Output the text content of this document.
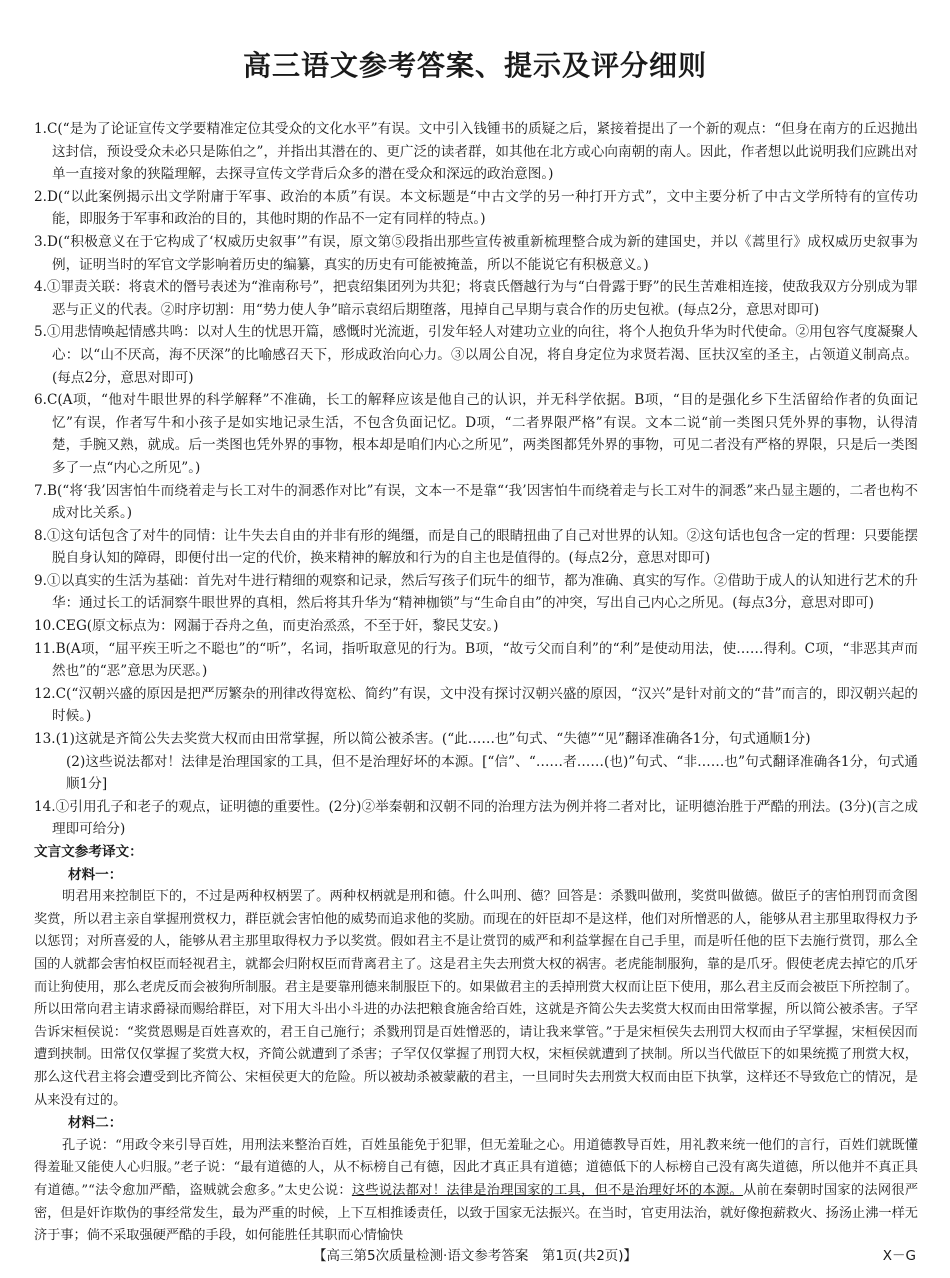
高三语文参考答案、提示及评分细则

1.C(“是为了论证宣传文学要精准定位其受众的文化水平”有误。文中引入钱锺书的质疑之后，紧接着提出了一个新的观点：“但身在南方的丘迟抛出这封信，预设受众未必只是陈伯之”，并指出其潜在的、更广泛的读者群，如其他在北方或心向南朝的南人。因此，作者想以此说明我们应跳出对单一直接对象的狭隘理解，去探寻宣传文学背后众多的潜在受众和深远的政治意图。)

2.D(“以此案例揭示出文学附庸于军事、政治的本质”有误。本文标题是“中古文学的另一种打开方式”，文中主要分析了中古文学所特有的宣传功能，即服务于军事和政治的目的，其他时期的作品不一定有同样的特点。)

3.D(“积极意义在于它构成了‘权威历史叙事’”有误，原文第⑤段指出那些宣传被重新梳理整合成为新的建国史，并以《蒿里行》成权威历史叙事为例，证明当时的军官文学影响着历史的编纂，真实的历史有可能被掩盖，所以不能说它有积极意义。)

4.①罪责关联：将袁术的僭号表述为“淮南称号”，把袁绍集团列为共犯；将袁氏僭越行为与“白骨露于野”的民生苦难相连接，使敌我双方分别成为罪恶与正义的代表。②时序切割：用“势力使人争”暗示袁绍后期堕落，甩掉自己早期与袁合作的历史包袱。(每点2分，意思对即可)

5.①用悲情唤起情感共鸣：以对人生的忧思开篇，感慨时光流逝，引发年轻人对建功立业的向往，将个人抱负升华为时代使命。②用包容气度凝聚人心：以“山不厌高，海不厌深”的比喻感召天下，形成政治向心力。③以周公自况，将自身定位为求贤若渴、匡扶汉室的圣主，占领道义制高点。(每点2分，意思对即可)

6.C(A项，“他对牛眼世界的科学解释”不准确，长工的解释应该是他自己的认识，并无科学依据。B项，“目的是强化乡下生活留给作者的负面记忆”有误，作者写牛和小孩子是如实地记录生活，不包含负面记忆。D项，“二者界限严格”有误。文本二说“前一类图只凭外界的事物，认得清楚，手腕又熟，就成。后一类图也凭外界的事物，根本却是咱们内心之所见”，两类图都凭外界的事物，可见二者没有严格的界限，只是后一类图多了一点“内心之所见”。)

7.B(“将‘我’因害怕牛而绕着走与长工对牛的洞悉作对比”有误，文本一不是靠“‘我’因害怕牛而绕着走与长工对牛的洞悉”来凸显主题的，二者也构不成对比关系。)

8.①这句话包含了对牛的同情：让牛失去自由的并非有形的绳缰，而是自己的眼睛扭曲了自己对世界的认知。②这句话也包含一定的哲理：只要能摆脱自身认知的障碍，即便付出一定的代价，换来精神的解放和行为的自主也是值得的。(每点2分，意思对即可)

9.①以真实的生活为基础：首先对牛进行精细的观察和记录，然后写孩子们玩牛的细节，都为准确、真实的写作。②借助于成人的认知进行艺术的升华：通过长工的话洞察牛眼世界的真相，然后将其升华为“精神枷锁”与“生命自由”的冲突，写出自己内心之所见。(每点3分，意思对即可)

10.CEG(原文标点为：网漏于吞舟之鱼，而吏治烝烝，不至于奸，黎民艾安。)

11.B(A项，“屈平疾王听之不聪也”的“听”，名词，指听取意见的行为。B项，“故亏父而自利”的“利”是使动用法，使……得利。C项，“非恶其声而然也”的“恶”意思为厌恶。)

12.C(“汉朝兴盛的原因是把严厉繁杂的刑律改得宽松、简约”有误，文中没有探讨汉朝兴盛的原因，“汉兴”是针对前文的“昔”而言的，即汉朝兴起的时候。)

13.(1)这就是齐简公失去奖赏大权而由田常掌握，所以简公被杀害。(“此……也”句式、“失德”“见”翻译准确各1分，句式通顺1分)
(2)这些说法都对！法律是治理国家的工具，但不是治理好坏的本源。[“信”、“……者……(也)”句式、“非……也”句式翻译准确各1分，句式通顺1分]

14.①引用孔子和老子的观点，证明德的重要性。(2分)②举秦朝和汉朝不同的治理方法为例并将二者对比，证明德治胜于严酷的刑法。(3分)(言之成理即可给分)

文言文参考译文：

材料一：

明君用来控制臣下的，不过是两种权柄罢了。两种权柄就是刑和德。什么叫刑、德？回答是：杀戮叫做刑，奖赏叫做德。做臣子的害怕刑罚而贪图奖赏，所以君主亲自掌握刑赏权力，群臣就会害怕他的威势而追求他的奖励。而现在的奸臣却不是这样，他们对所憎恶的人，能够从君主那里取得权力予以惩罚；对所喜爱的人，能够从君主那里取得权力予以奖赏。假如君主不是让赏罚的威严和利益掌握在自己手里，而是听任他的臣下去施行赏罚，那么全国的人就都会害怕权臣而轻视君主，就都会归附权臣而背离君主了。这是君主失去刑赏大权的祸害。老虎能制服狗，靠的是爪牙。假使老虎去掉它的爪牙而让狗使用，那么老虎反而会被狗所制服。君主是要靠刑德来制服臣下的。如果做君主的丢掉刑赏大权而让臣下使用，那么君主反而会被臣下所控制了。所以田常向君主请求爵禄而赐给群臣，对下用大斗出小斗进的办法把粮食施舍给百姓，这就是齐简公失去奖赏大权而由田常掌握，所以简公被杀害。子罕告诉宋桓侯说：“奖赏恩赐是百姓喜欢的，君王自己施行；杀戮刑罚是百姓憎恶的，请让我来掌管。”于是宋桓侯失去刑罚大权而由子罕掌握，宋桓侯因而遭到挟制。田常仅仅掌握了奖赏大权，齐简公就遭到了杀害；子罕仅仅掌握了刑罚大权，宋桓侯就遭到了挟制。所以当代做臣下的如果统揽了刑赏大权，那么这代君主将会遭受到比齐简公、宋桓侯更大的危险。所以被劫杀被蒙蔽的君主，一旦同时失去刑赏大权而由臣下执掌，这样还不导致危亡的情况，是从来没有过的。

材料二：

孔子说：“用政令来引导百姓，用刑法来整治百姓，百姓虽能免于犯罪，但无羞耻之心。用道德教导百姓，用礼教来统一他们的言行，百姓们就既懂得羞耻又能使人心归服。”老子说：“最有道德的人，从不标榜自己有德，因此才真正具有道德；道德低下的人标榜自己没有离失道德，所以他并不真正具有道德。”“法令愈加严酷，盗贼就会愈多。”太史公说：这些说法都对！法律是治理国家的工具，但不是治理好坏的本源。从前在秦朝时国家的法网很严密，但是奸诈欺伪的事经常发生，最为严重的时候，上下互相推诿责任，以致于国家无法振兴。在当时，官吏用法治，就好像抱薪救火、扬汤止沸一样无济于事；倘不采取强硬严酷的手段，如何能胜任其职而心情愉快

【高三第5次质量检测·语文参考答案　第1页(共2页)】	X－G
